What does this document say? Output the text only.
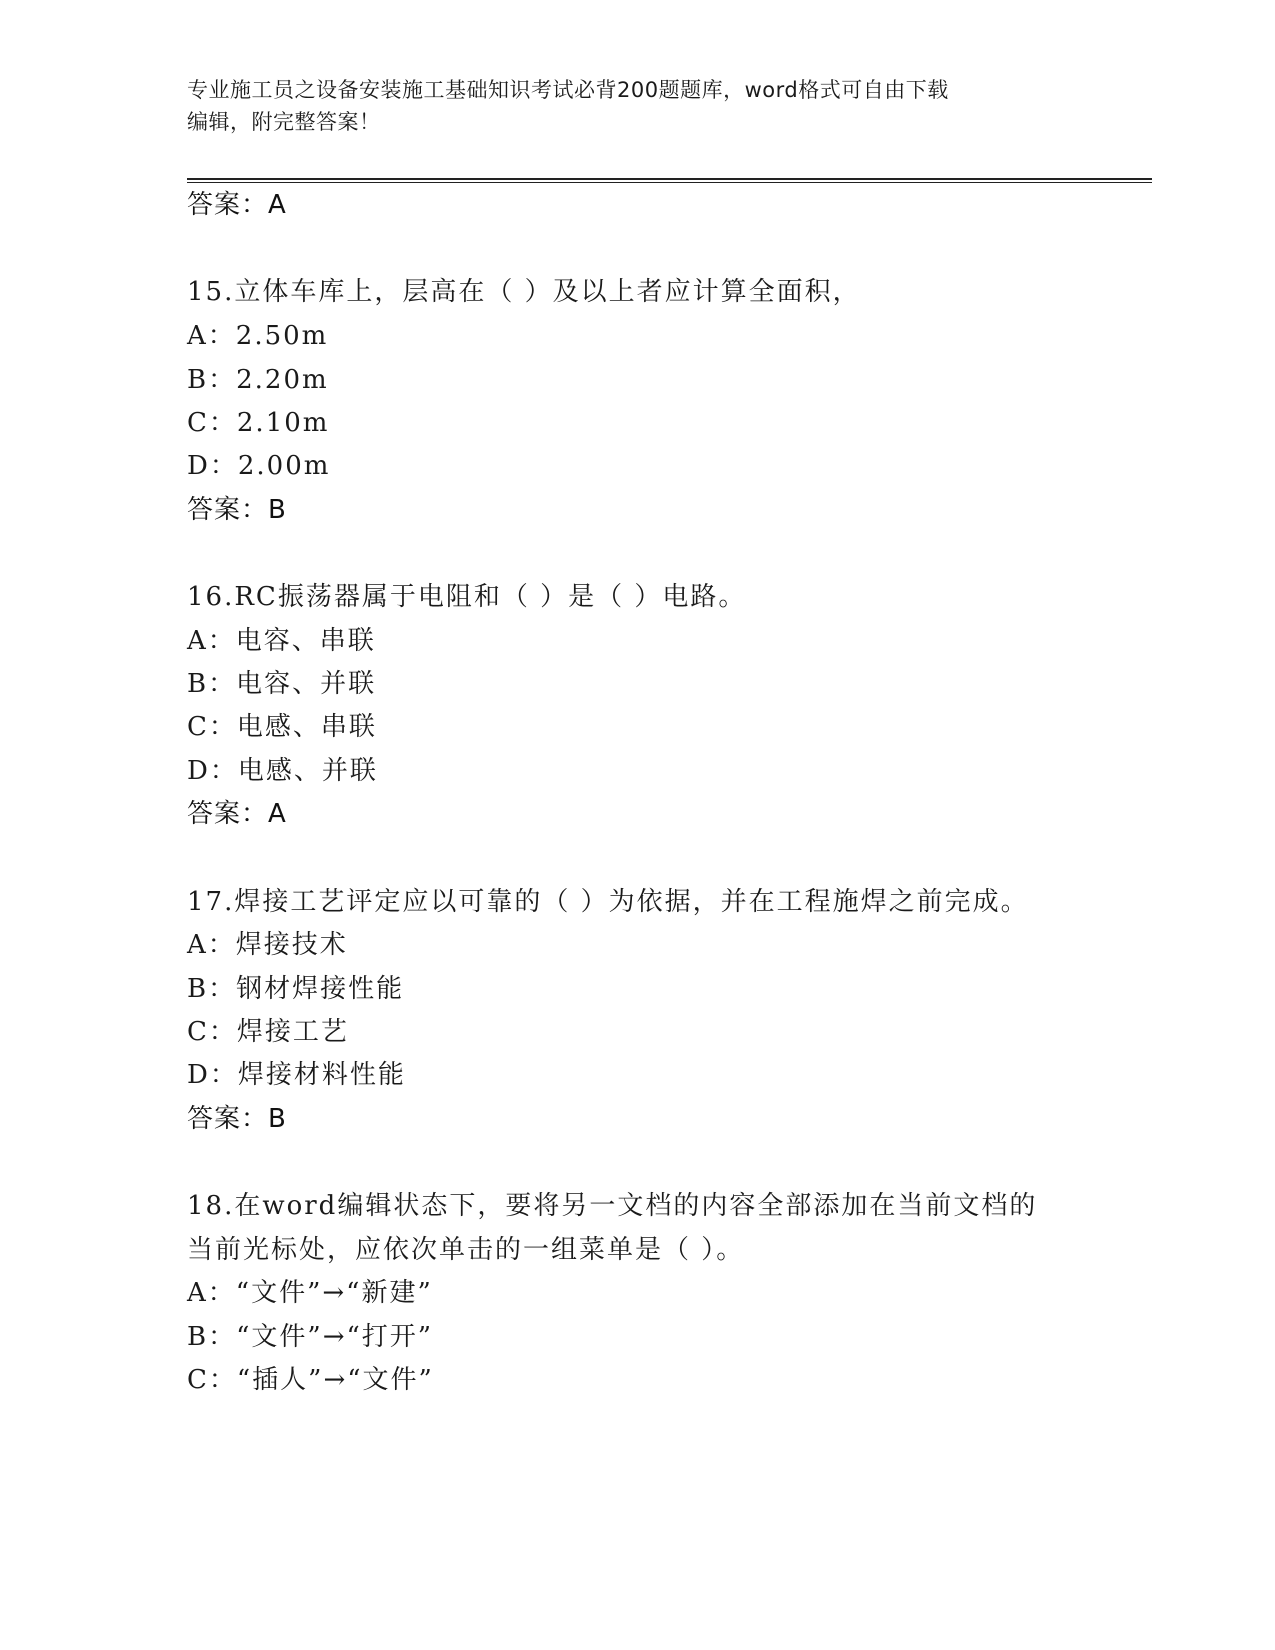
专业施工员之设备安装施工基础知识考试必背200题题库，word格式可自由下载
编辑，附完整答案！
答案：A
15.立体车库上，层高在（ ）及以上者应计算全面积，
A：2.50m
B：2.20m
C：2.10m
D：2.00m
答案：B
16.RC振荡器属于电阻和（ ）是（ ）电路。
A：电容、串联
B：电容、并联
C：电感、串联
D：电感、并联
答案：A
17.焊接工艺评定应以可靠的（ ）为依据，并在工程施焊之前完成。
A：焊接技术
B：钢材焊接性能
C：焊接工艺
D：焊接材料性能
答案：B
18.在word编辑状态下，要将另一文档的内容全部添加在当前文档的
当前光标处，应依次单击的一组菜单是（ ）。
A：“文件”→“新建”
B：“文件”→“打开”
C：“插人”→“文件”
